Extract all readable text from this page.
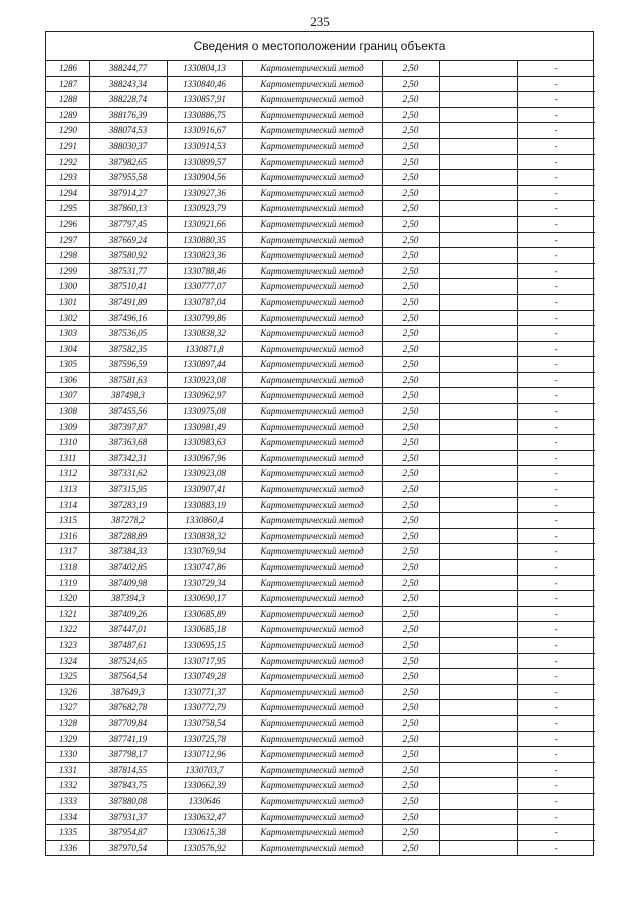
235
Сведения о местоположении границ объекта
1286	388244,77	1330804,13	Картометрический метод	2,50		-
1287	388243,34	1330840,46	Картометрический метод	2,50		-
1288	388228,74	1330857,91	Картометрический метод	2,50		-
1289	388176,39	1330886,75	Картометрический метод	2,50		-
1290	388074,53	1330916,67	Картометрический метод	2,50		-
1291	388030,37	1330914,53	Картометрический метод	2,50		-
1292	387982,65	1330899,57	Картометрический метод	2,50		-
1293	387955,58	1330904,56	Картометрический метод	2,50		-
1294	387914,27	1330927,36	Картометрический метод	2,50		-
1295	387860,13	1330923,79	Картометрический метод	2,50		-
1296	387797,45	1330921,66	Картометрический метод	2,50		-
1297	387669,24	1330880,35	Картометрический метод	2,50		-
1298	387580,92	1330823,36	Картометрический метод	2,50		-
1299	387531,77	1330788,46	Картометрический метод	2,50		-
1300	387510,41	1330777,07	Картометрический метод	2,50		-
1301	387491,89	1330787,04	Картометрический метод	2,50		-
1302	387496,16	1330799,86	Картометрический метод	2,50		-
1303	387536,05	1330838,32	Картометрический метод	2,50		-
1304	387582,35	1330871,8	Картометрический метод	2,50		-
1305	387596,59	1330897,44	Картометрический метод	2,50		-
1306	387581,63	1330923,08	Картометрический метод	2,50		-
1307	387498,3	1330962,97	Картометрический метод	2,50		-
1308	387455,56	1330975,08	Картометрический метод	2,50		-
1309	387397,87	1330981,49	Картометрический метод	2,50		-
1310	387363,68	1330983,63	Картометрический метод	2,50		-
1311	387342,31	1330967,96	Картометрический метод	2,50		-
1312	387331,62	1330923,08	Картометрический метод	2,50		-
1313	387315,95	1330907,41	Картометрический метод	2,50		-
1314	387283,19	1330883,19	Картометрический метод	2,50		-
1315	387278,2	1330860,4	Картометрический метод	2,50		-
1316	387288,89	1330838,32	Картометрический метод	2,50		-
1317	387384,33	1330769,94	Картометрический метод	2,50		-
1318	387402,85	1330747,86	Картометрический метод	2,50		-
1319	387409,98	1330729,34	Картометрический метод	2,50		-
1320	387394,3	1330690,17	Картометрический метод	2,50		-
1321	387409,26	1330685,89	Картометрический метод	2,50		-
1322	387447,01	1330685,18	Картометрический метод	2,50		-
1323	387487,61	1330695,15	Картометрический метод	2,50		-
1324	387524,65	1330717,95	Картометрический метод	2,50		-
1325	387564,54	1330749,28	Картометрический метод	2,50		-
1326	387649,3	1330771,37	Картометрический метод	2,50		-
1327	387682,78	1330772,79	Картометрический метод	2,50		-
1328	387709,84	1330758,54	Картометрический метод	2,50		-
1329	387741,19	1330725,78	Картометрический метод	2,50		-
1330	387798,17	1330712,96	Картометрический метод	2,50		-
1331	387814,55	1330703,7	Картометрический метод	2,50		-
1332	387843,75	1330662,39	Картометрический метод	2,50		-
1333	387880,08	1330646	Картометрический метод	2,50		-
1334	387931,37	1330632,47	Картометрический метод	2,50		-
1335	387954,87	1330615,38	Картометрический метод	2,50		-
1336	387970,54	1330576,92	Картометрический метод	2,50		-
